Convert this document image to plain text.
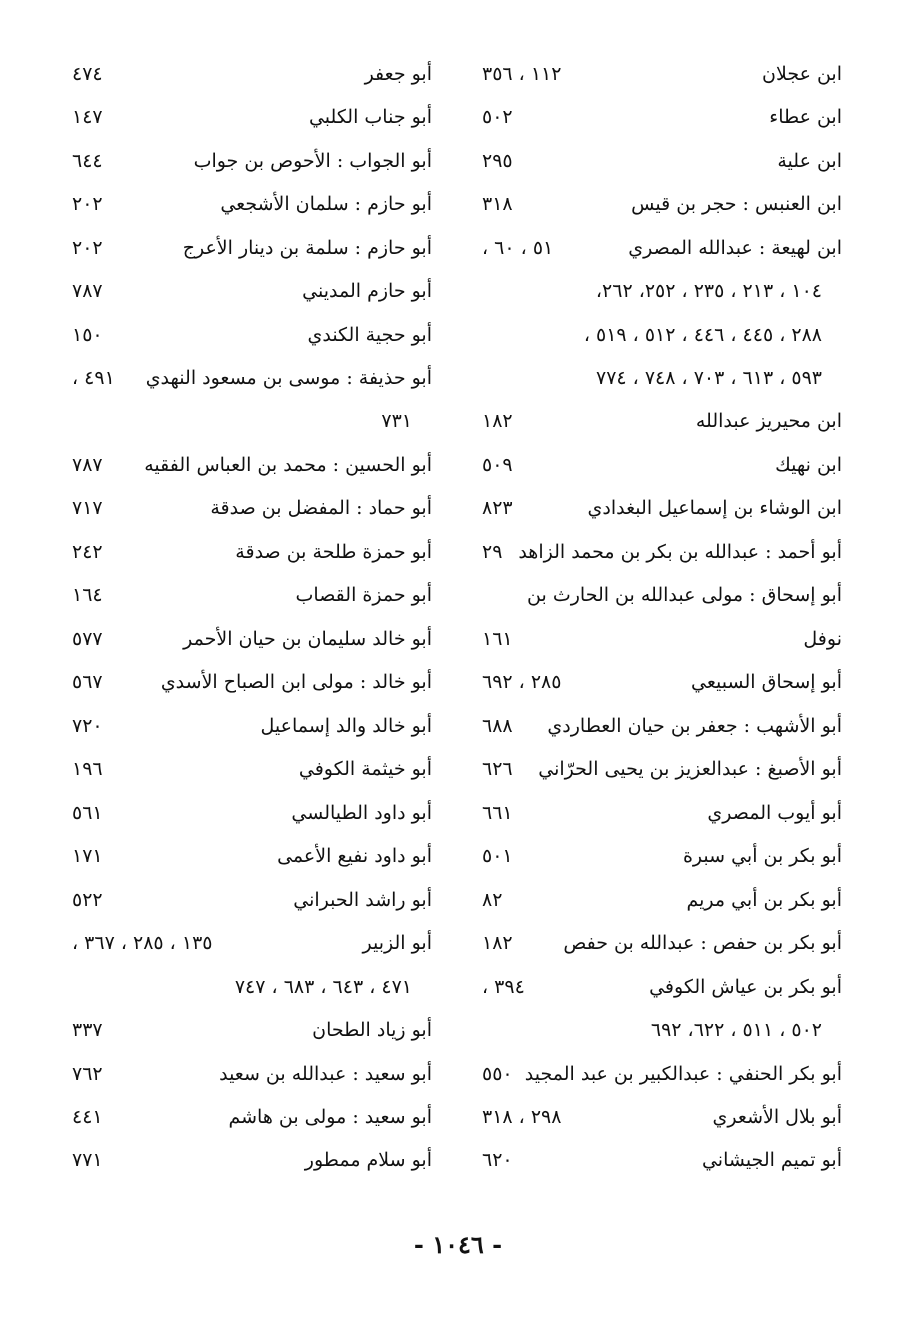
ابن عجلان
١١٢ ، ٣٥٦
ابن عطاء
٥٠٢
ابن علية
٢٩٥
ابن العنبس : حجر بن قيس
٣١٨
ابن لهيعة : عبدالله المصري
٥١ ، ٦٠ ،
١٠٤ ، ٢١٣ ، ٢٣٥ ، ٢٥٢، ٢٦٢،
٢٨٨ ، ٤٤٥ ، ٤٤٦ ، ٥١٢ ، ٥١٩ ،
٥٩٣ ، ٦١٣ ، ٧٠٣ ، ٧٤٨ ، ٧٧٤
ابن محيريز عبدالله
١٨٢
ابن نهيك
٥٠٩
ابن الوشاء بن إسماعيل البغدادي
٨٢٣
أبو أحمد : عبدالله بن بكر بن محمد الزاهد
٢٩
أبو إسحاق : مولى عبدالله بن الحارث بن
نوفل
١٦١
أبو إسحاق السبيعي
٢٨٥ ، ٦٩٢
أبو الأشهب : جعفر بن حيان العطاردي
٦٨٨
أبو الأصبغ : عبدالعزيز بن يحيى الحرّاني
٦٢٦
أبو أيوب المصري
٦٦١
أبو بكر بن أبي سبرة
٥٠١
أبو بكر بن أبي مريم
٨٢
أبو بكر بن حفص : عبدالله بن حفص
١٨٢
أبو بكر بن عياش الكوفي
٣٩٤ ،
٥٠٢ ، ٥١١ ، ٦٢٢، ٦٩٢
أبو بكر الحنفي : عبدالكبير بن عبد المجيد
٥٥٠
أبو بلال الأشعري
٢٩٨ ، ٣١٨
أبو تميم الجيشاني
٦٢٠
أبو جعفر
٤٧٤
أبو جناب الكلبي
١٤٧
أبو الجواب : الأحوص بن جواب
٦٤٤
أبو حازم : سلمان الأشجعي
٢٠٢
أبو حازم : سلمة بن دينار الأعرج
٢٠٢
أبو حازم المديني
٧٨٧
أبو حجية الكندي
١٥٠
أبو حذيفة : موسى بن مسعود النهدي
٤٩١ ،
٧٣١
أبو الحسين : محمد بن العباس الفقيه
٧٨٧
أبو حماد : المفضل بن صدقة
٧١٧
أبو حمزة طلحة بن صدقة
٢٤٢
أبو حمزة القصاب
١٦٤
أبو خالد سليمان بن حيان الأحمر
٥٧٧
أبو خالد : مولى ابن الصباح الأسدي
٥٦٧
أبو خالد والد إسماعيل
٧٢٠
أبو خيثمة الكوفي
١٩٦
أبو داود الطيالسي
٥٦١
أبو داود نفيع الأعمى
١٧١
أبو راشد الحبراني
٥٢٢
أبو الزبير
١٣٥ ، ٢٨٥ ، ٣٦٧ ،
٤٧١ ، ٦٤٣ ، ٦٨٣ ، ٧٤٧
أبو زياد الطحان
٣٣٧
أبو سعيد : عبدالله بن سعيد
٧٦٢
أبو سعيد : مولى بن هاشم
٤٤١
أبو سلام ممطور
٧٧١
- ١٠٤٦ -
